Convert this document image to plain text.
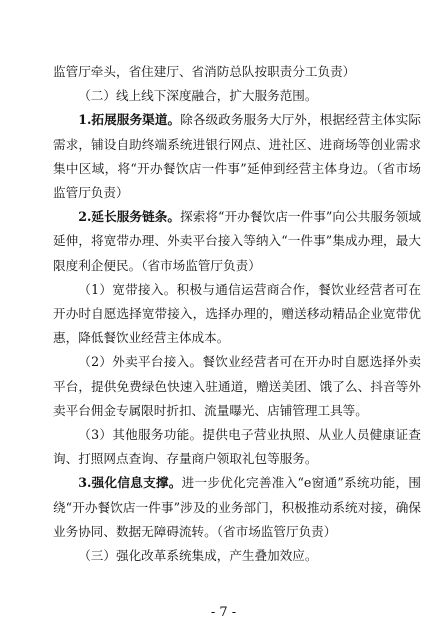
监管厅牵头，省住建厅、省消防总队按职责分工负责）

（二）线上线下深度融合，扩大服务范围。

1.拓展服务渠道。除各级政务服务大厅外，根据经营主体实际需求，铺设自助终端系统进银行网点、进社区、进商场等创业需求集中区域，将“开办餐饮店一件事”延伸到经营主体身边。（省市场监管厅负责）

2.延长服务链条。探索将“开办餐饮店一件事”向公共服务领域延伸，将宽带办理、外卖平台接入等纳入“一件事”集成办理，最大限度利企便民。（省市场监管厅负责）

（1）宽带接入。积极与通信运营商合作，餐饮业经营者可在开办时自愿选择宽带接入，选择办理的，赠送移动精品企业宽带优惠，降低餐饮业经营主体成本。

（2）外卖平台接入。餐饮业经营者可在开办时自愿选择外卖平台，提供免费绿色快速入驻通道，赠送美团、饿了么、抖音等外卖平台佣金专属限时折扣、流量曝光、店铺管理工具等。

（3）其他服务功能。提供电子营业执照、从业人员健康证查询、打照网点查询、存量商户领取礼包等服务。

3.强化信息支撑。进一步优化完善准入“e窗通”系统功能，围绕“开办餐饮店一件事”涉及的业务部门，积极推动系统对接，确保业务协同、数据无障碍流转。（省市场监管厅负责）

（三）强化改革系统集成，产生叠加效应。

- 7 -
